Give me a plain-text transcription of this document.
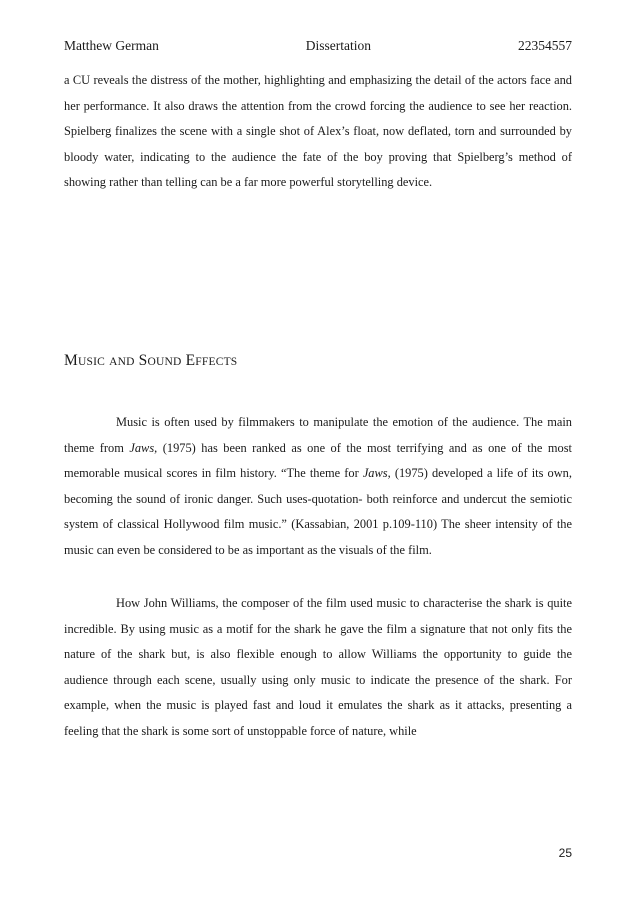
Matthew German	Dissertation	22354557

a CU reveals the distress of the mother, highlighting and emphasizing the detail of the actors face and her performance. It also draws the attention from the crowd forcing the audience to see her reaction. Spielberg finalizes the scene with a single shot of Alex’s float, now deflated, torn and surrounded by bloody water, indicating to the audience the fate of the boy proving that Spielberg’s method of showing rather than telling can be a far more powerful storytelling device.

MUSIC AND SOUND EFFECTS

Music is often used by filmmakers to manipulate the emotion of the audience. The main theme from Jaws, (1975) has been ranked as one of the most terrifying and as one of the most memorable musical scores in film history. “The theme for Jaws, (1975) developed a life of its own, becoming the sound of ironic danger. Such uses-quotation- both reinforce and undercut the semiotic system of classical Hollywood film music.” (Kassabian, 2001 p.109-110) The sheer intensity of the music can even be considered to be as important as the visuals of the film.

How John Williams, the composer of the film used music to characterise the shark is quite incredible. By using music as a motif for the shark he gave the film a signature that not only fits the nature of the shark but, is also flexible enough to allow Williams the opportunity to guide the audience through each scene, usually using only music to indicate the presence of the shark. For example, when the music is played fast and loud it emulates the shark as it attacks, presenting a feeling that the shark is some sort of unstoppable force of nature, while

25
